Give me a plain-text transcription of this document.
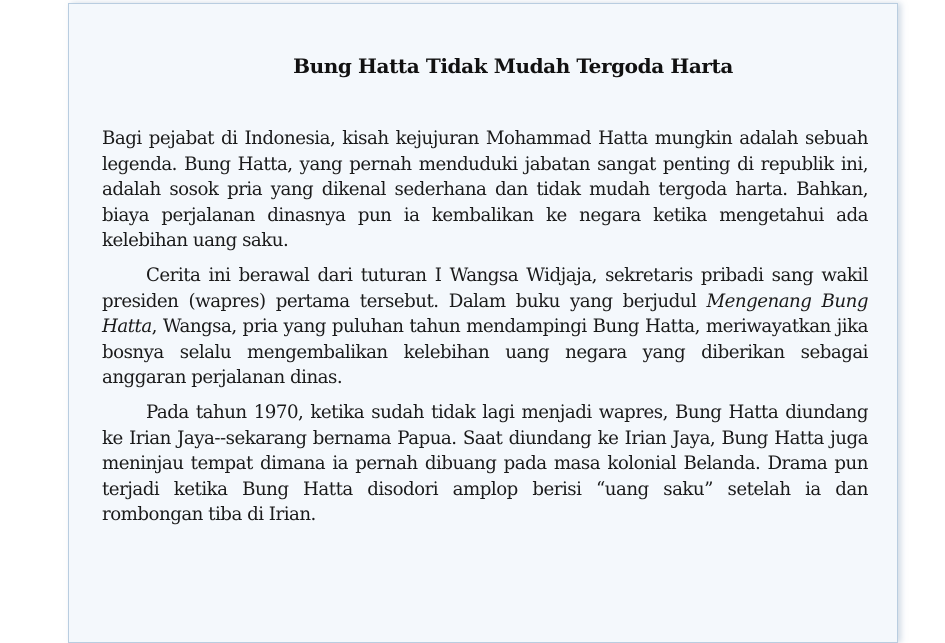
Bung Hatta Tidak Mudah Tergoda Harta

Bagi pejabat di Indonesia, kisah kejujuran Mohammad Hatta mungkin adalah sebuah legenda. Bung Hatta, yang pernah menduduki jabatan sangat penting di republik ini, adalah sosok pria yang dikenal sederhana dan tidak mudah tergoda harta. Bahkan, biaya perjalanan dinasnya pun ia kembalikan ke negara ketika mengetahui ada kelebihan uang saku.

Cerita ini berawal dari tuturan I Wangsa Widjaja, sekretaris pribadi sang wakil presiden (wapres) pertama tersebut. Dalam buku yang berjudul Mengenang Bung Hatta, Wangsa, pria yang puluhan tahun mendampingi Bung Hatta, meriwayatkan jika bosnya selalu mengembalikan kelebihan uang negara yang diberikan sebagai anggaran perjalanan dinas.

Pada tahun 1970, ketika sudah tidak lagi menjadi wapres, Bung Hatta diundang ke Irian Jaya--sekarang bernama Papua. Saat diundang ke Irian Jaya, Bung Hatta juga meninjau tempat dimana ia pernah dibuang pada masa kolonial Belanda. Drama pun terjadi ketika Bung Hatta disodori amplop berisi “uang saku” setelah ia dan rombongan tiba di Irian.
